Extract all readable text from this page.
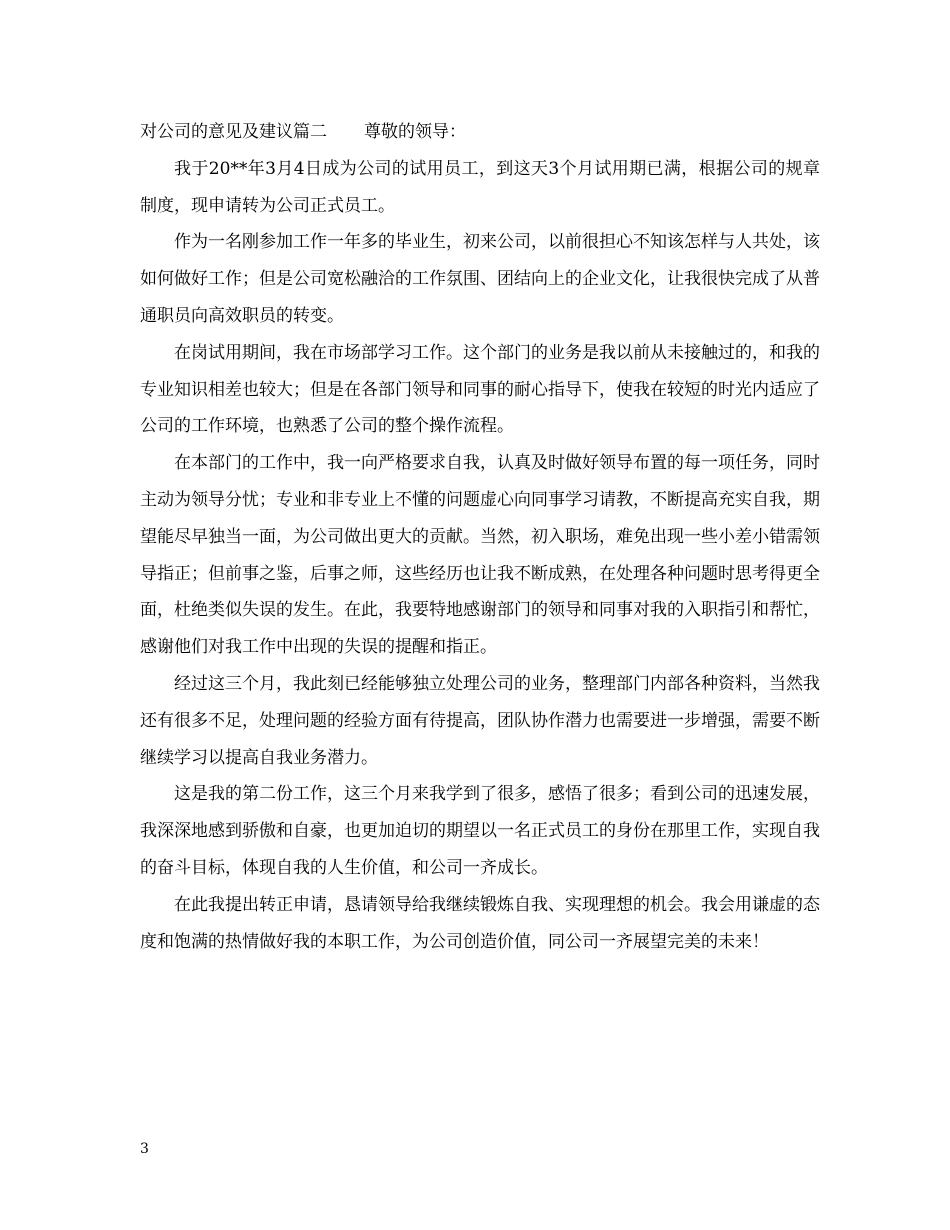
对公司的意见及建议篇二 尊敬的领导：

我于20**年3月4日成为公司的试用员工，到这天3个月试用期已满，根据公司的规章制度，现申请转为公司正式员工。

作为一名刚参加工作一年多的毕业生，初来公司，以前很担心不知该怎样与人共处，该如何做好工作；但是公司宽松融洽的工作氛围、团结向上的企业文化，让我很快完成了从普通职员向高效职员的转变。

在岗试用期间，我在市场部学习工作。这个部门的业务是我以前从未接触过的，和我的专业知识相差也较大；但是在各部门领导和同事的耐心指导下，使我在较短的时光内适应了公司的工作环境，也熟悉了公司的整个操作流程。

在本部门的工作中，我一向严格要求自我，认真及时做好领导布置的每一项任务，同时主动为领导分忧；专业和非专业上不懂的问题虚心向同事学习请教，不断提高充实自我，期望能尽早独当一面，为公司做出更大的贡献。当然，初入职场，难免出现一些小差小错需领导指正；但前事之鉴，后事之师，这些经历也让我不断成熟，在处理各种问题时思考得更全面，杜绝类似失误的发生。在此，我要特地感谢部门的领导和同事对我的入职指引和帮忙，感谢他们对我工作中出现的失误的提醒和指正。

经过这三个月，我此刻已经能够独立处理公司的业务，整理部门内部各种资料，当然我还有很多不足，处理问题的经验方面有待提高，团队协作潜力也需要进一步增强，需要不断继续学习以提高自我业务潜力。

这是我的第二份工作，这三个月来我学到了很多，感悟了很多；看到公司的迅速发展，我深深地感到骄傲和自豪，也更加迫切的期望以一名正式员工的身份在那里工作，实现自我的奋斗目标，体现自我的人生价值，和公司一齐成长。

在此我提出转正申请，恳请领导给我继续锻炼自我、实现理想的机会。我会用谦虚的态度和饱满的热情做好我的本职工作，为公司创造价值，同公司一齐展望完美的未来！

3
